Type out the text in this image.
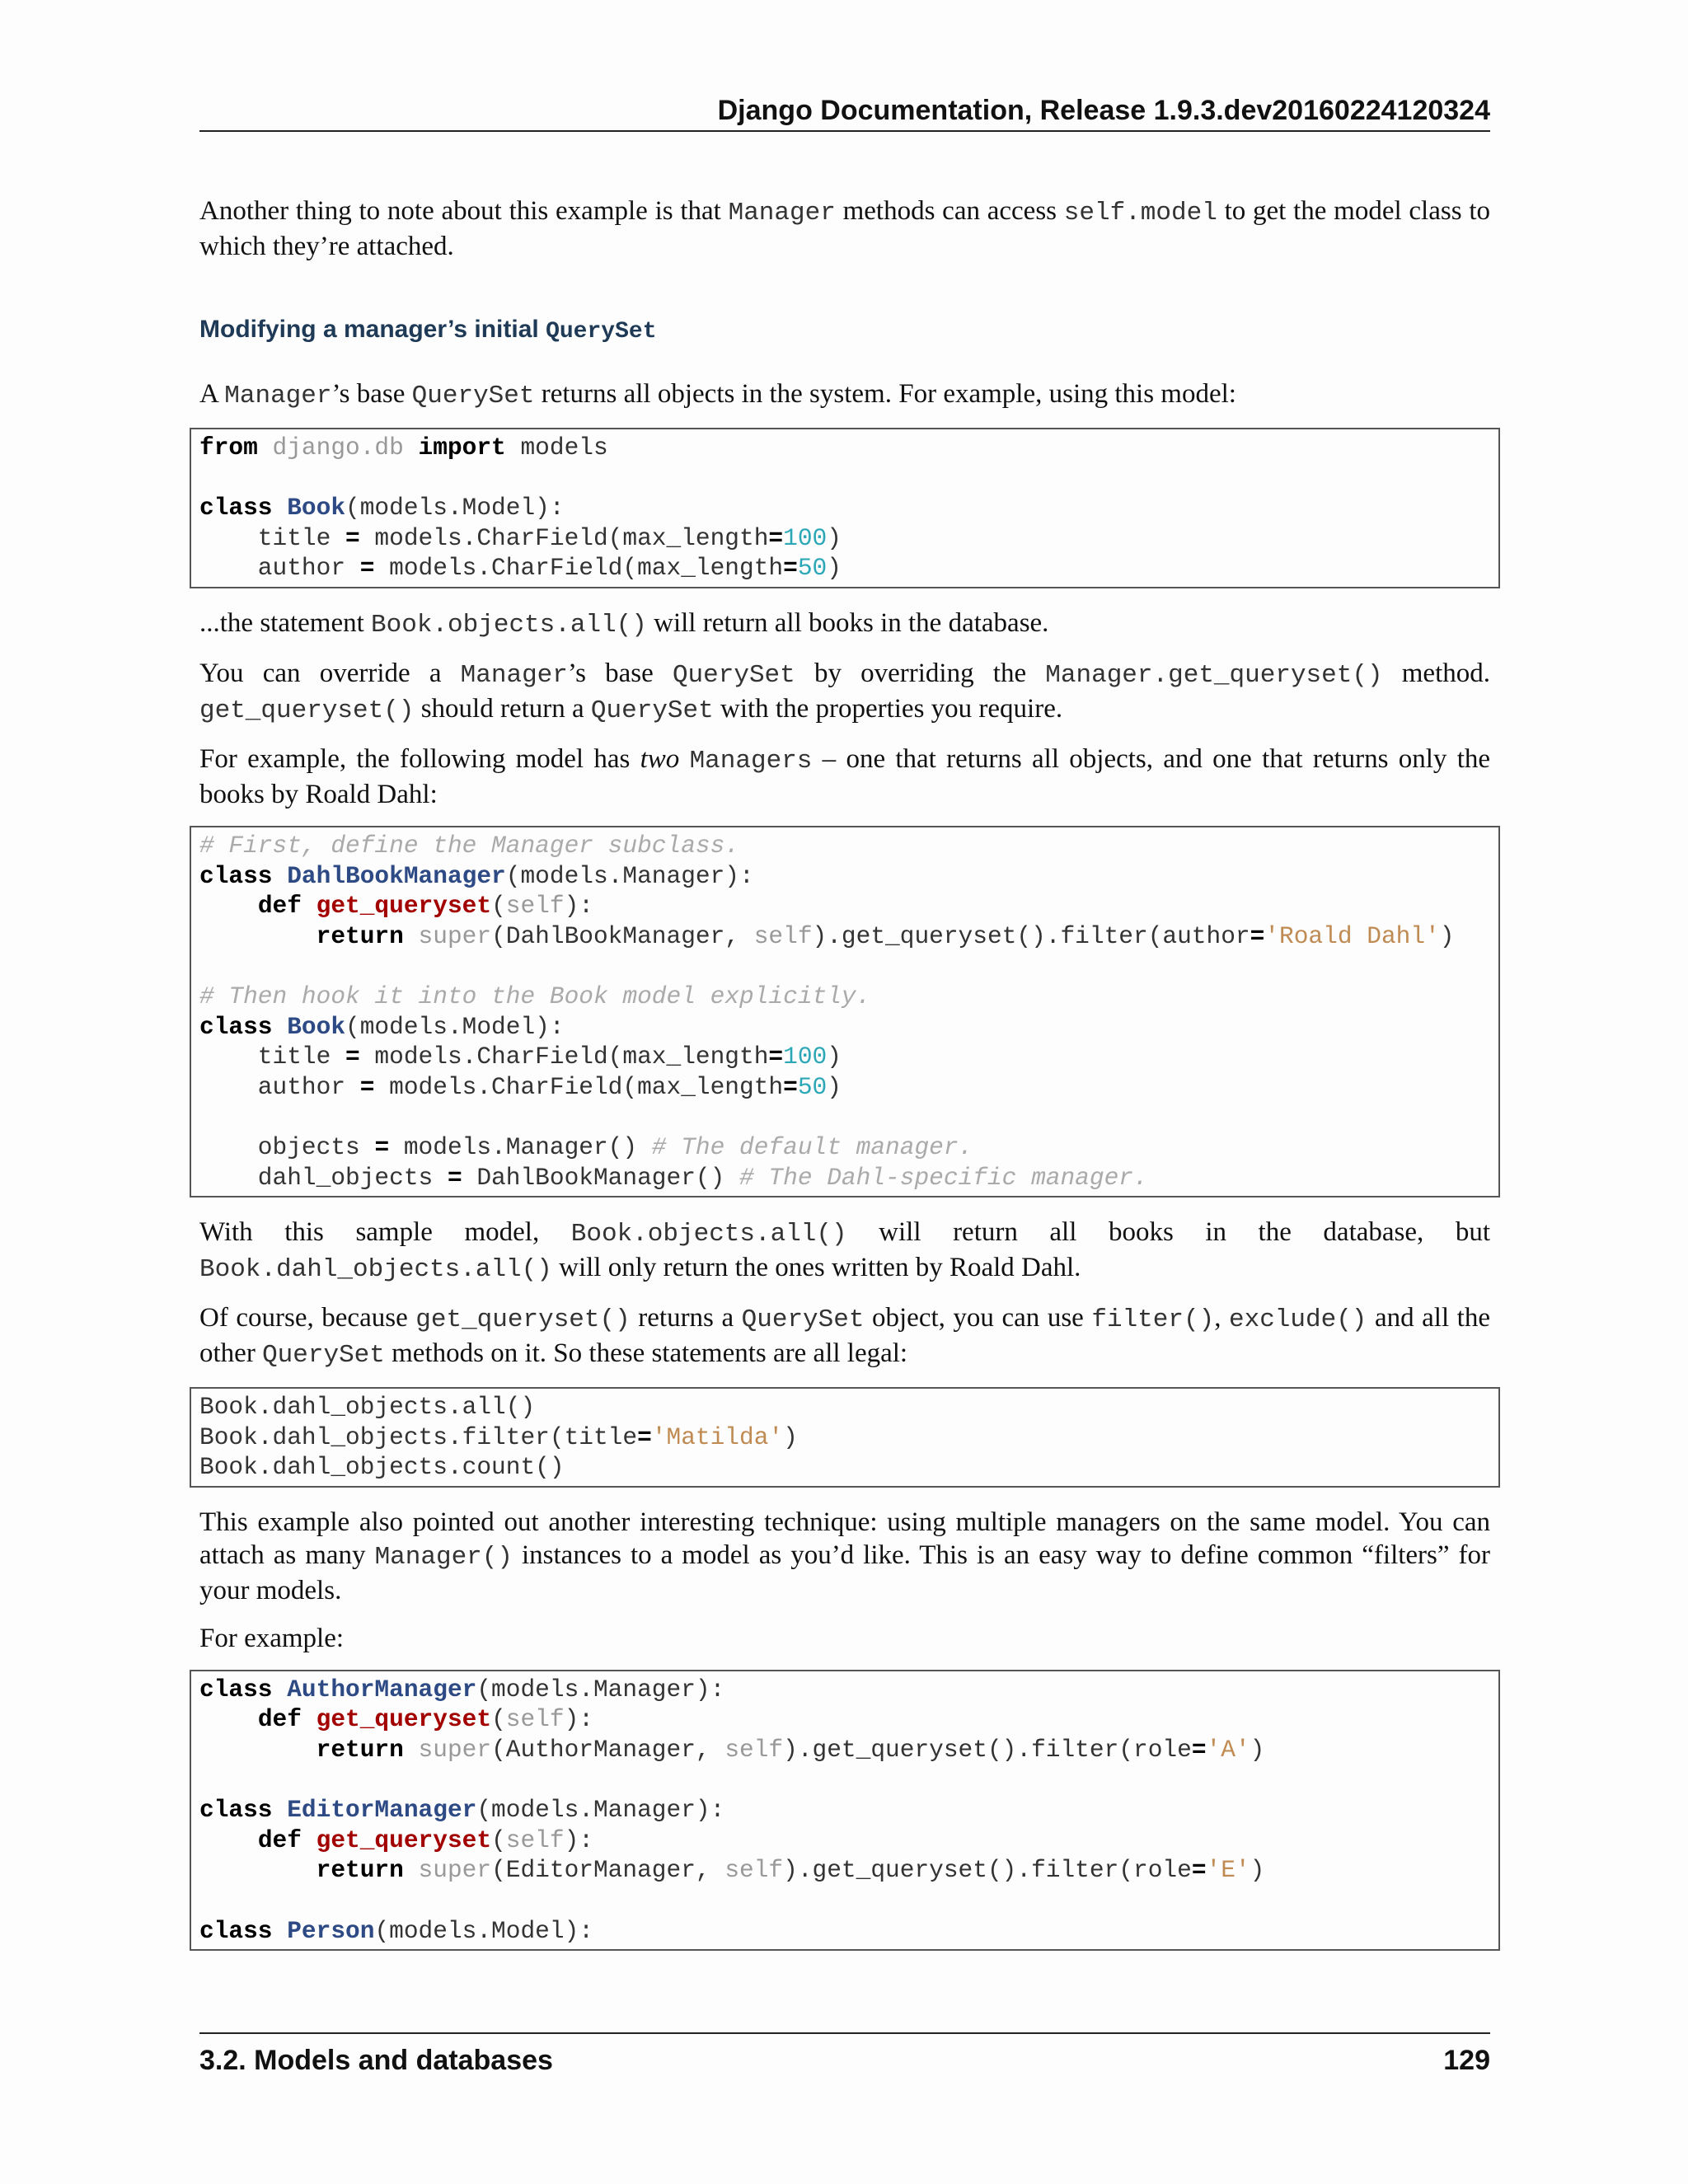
Django Documentation, Release 1.9.3.dev20160224120324

Another thing to note about this example is that Manager methods can access self.model to get the model class to which they’re attached.

Modifying a manager’s initial QuerySet

A Manager’s base QuerySet returns all objects in the system. For example, using this model:

from django.db import models

class Book(models.Model):
title = models.CharField(max_length=100)
author = models.CharField(max_length=50)

...the statement Book.objects.all() will return all books in the database.

You can override a Manager’s base QuerySet by overriding the Manager.get_queryset() method. get_queryset() should return a QuerySet with the properties you require.

For example, the following model has two Managers – one that returns all objects, and one that returns only the books by Roald Dahl:

# First, define the Manager subclass.
class DahlBookManager(models.Manager):
def get_queryset(self):
return super(DahlBookManager, self).get_queryset().filter(author='Roald Dahl')

# Then hook it into the Book model explicitly.
class Book(models.Model):
title = models.CharField(max_length=100)
author = models.CharField(max_length=50)

objects = models.Manager() # The default manager.
dahl_objects = DahlBookManager() # The Dahl-specific manager.

With this sample model, Book.objects.all() will return all books in the database, but Book.dahl_objects.all() will only return the ones written by Roald Dahl.

Of course, because get_queryset() returns a QuerySet object, you can use filter(), exclude() and all the other QuerySet methods on it. So these statements are all legal:

Book.dahl_objects.all()
Book.dahl_objects.filter(title='Matilda')
Book.dahl_objects.count()

This example also pointed out another interesting technique: using multiple managers on the same model. You can attach as many Manager() instances to a model as you’d like. This is an easy way to define common “filters” for your models.

For example:

class AuthorManager(models.Manager):
def get_queryset(self):
return super(AuthorManager, self).get_queryset().filter(role='A')

class EditorManager(models.Manager):
def get_queryset(self):
return super(EditorManager, self).get_queryset().filter(role='E')

class Person(models.Model):
3.2. Models and databases	129
